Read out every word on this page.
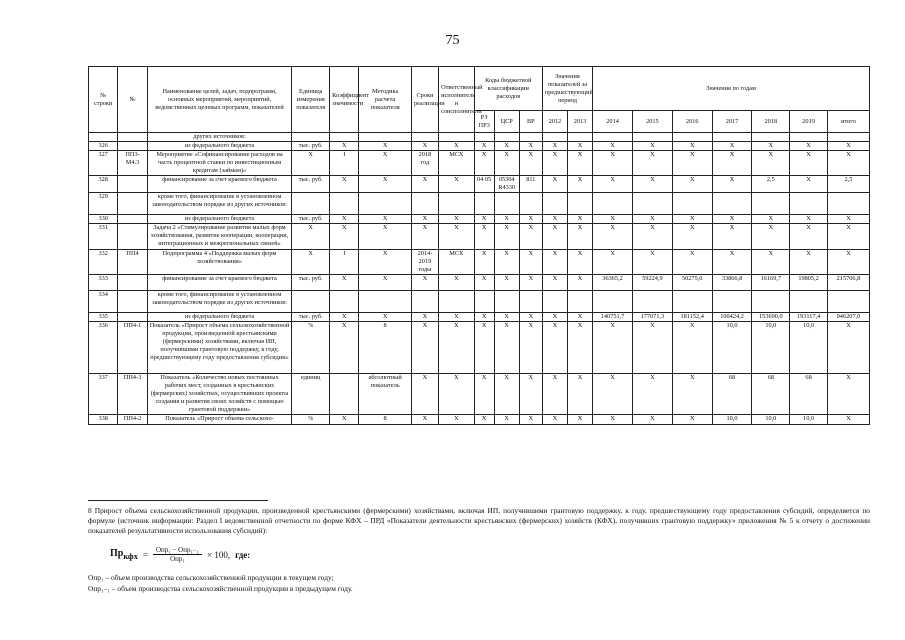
75
№ строки	№	Наименование целей, задач, подпрограмм, основных мероприятий, мероприятий, ведомственных целевых программ, показателей	Единица измерения показателя	Коэффициент значимости	Методика расчета показателя	Сроки реализации	Ответственный исполнитель и соисполнители	Коды бюджетной классификации расходов			Значения показателей за предшествующий период		Значения по годам						
								РЗ ПР3	ЦСР	ВР	2012	2013	2014	2015	2016	2017	2018	2019	итого
		других источников:																	
326		из федерального бюджета	тыс. руб.	X	X	X	X	X	X	X	X	X	X	X	X	X	X	X	X
327	ПП3-М4.3	Мероприятие «Софинансирование расходов на часть процентной ставки по инвестиционным кредитам (займам)»	X	I	X	2018 год	МСХ	X	X	X	X	X	X	X	X	X	X	X	X
328		финансирование за счет краевого бюджета	тыс. руб.	X	X	X	X	04 05	05304 R4330	811	X	X	X	X	X	X	2,5	X	2,5
329		кроме того, финансирование в установленном законодательством порядке из других источников:																	
330		из федерального бюджета	тыс. руб.	X	X	X	X	X	X	X	X	X	X	X	X	X	X	X	X
331		Задача 2 «Стимулирование развития малых форм хозяйствования, развитие кооперации, кооперации, интеграционных и межрегиональных связей»	X	X	X	X	X	X	X	X	X	X	X	X	X	X	X	X	X
332	ПП4	Подпрограмма 4 «Поддержка малых форм хозяйствования»	X	I	X	2014-2019 годы	МСХ	X	X	X	X	X	X	X	X	X	X	X	X
333		финансирование за счет краевого бюджета	тыс. руб.	X	X	X	X	X	X	X	X	X	36365,2	59224,9	50275,0	33866,8	16169,7	19805,2	215706,8
334		кроме того, финансирование в установленном законодательством порядке из других источников:																	
335		из федерального бюджета	тыс. руб.	X	X	X	X	X	X	X	X	X	140751,7	177071,3	181152,4	100424,2	153690,0	193117,4	946207,0
336	ПП4-1	Показатель «Прирост объема сельскохозяйственной продукции, произведенной крестьянскими (фермерскими) хозяйствами, включая ИП, получившими грантовую поддержку, к году, предшествующему году предоставления субсидии»	%	X	8	X	X	X	X	X	X	X	X	X	X	10,0	10,0	10,0	X
337	ПП4-3	Показатель «Количество новых постоянных рабочих мест, созданных в крестьянских (фермерских) хозяйствах, осуществивших проекты создания и развития своих хозяйств с помощью грантовой поддержки»	единиц		абсолютный показатель	X	X	X	X	X	X	X	X	X	X	68	68	68	X
338	ПП4-2	Показатель «Прирост объема сельскохо-	%	X	8	X	X	X	X	X	X	X	X	X	X	10,0	10,0	10,0	X
8 Прирост объема сельскохозяйственной продукции, произведенной крестьянскими (фермерскими) хозяйствами, включая ИП, получившими грантовую поддержку, к году, предшествующему году предоставления субсидий, определяется по формуле (источник информации: Раздел I ведомственной отчетности по форме КФХ – ПРД «Показатели деятельности крестьянских (фермерских) хозяйств (КФХ), получивших грантовую поддержку» приложения № 5 к отчету о достижении показателей результативности использования субсидий):
$Пр_{кфх} = \frac{\text{Опр₁ − Опр₁₋₁}}{\text{Опр₁}} \times 100$, где:
Опр₁ – объем производства сельскохозяйственной продукции в текущем году;
Опр₁₋₁ – объем производства сельскохозяйственной продукции в предыдущем году.
